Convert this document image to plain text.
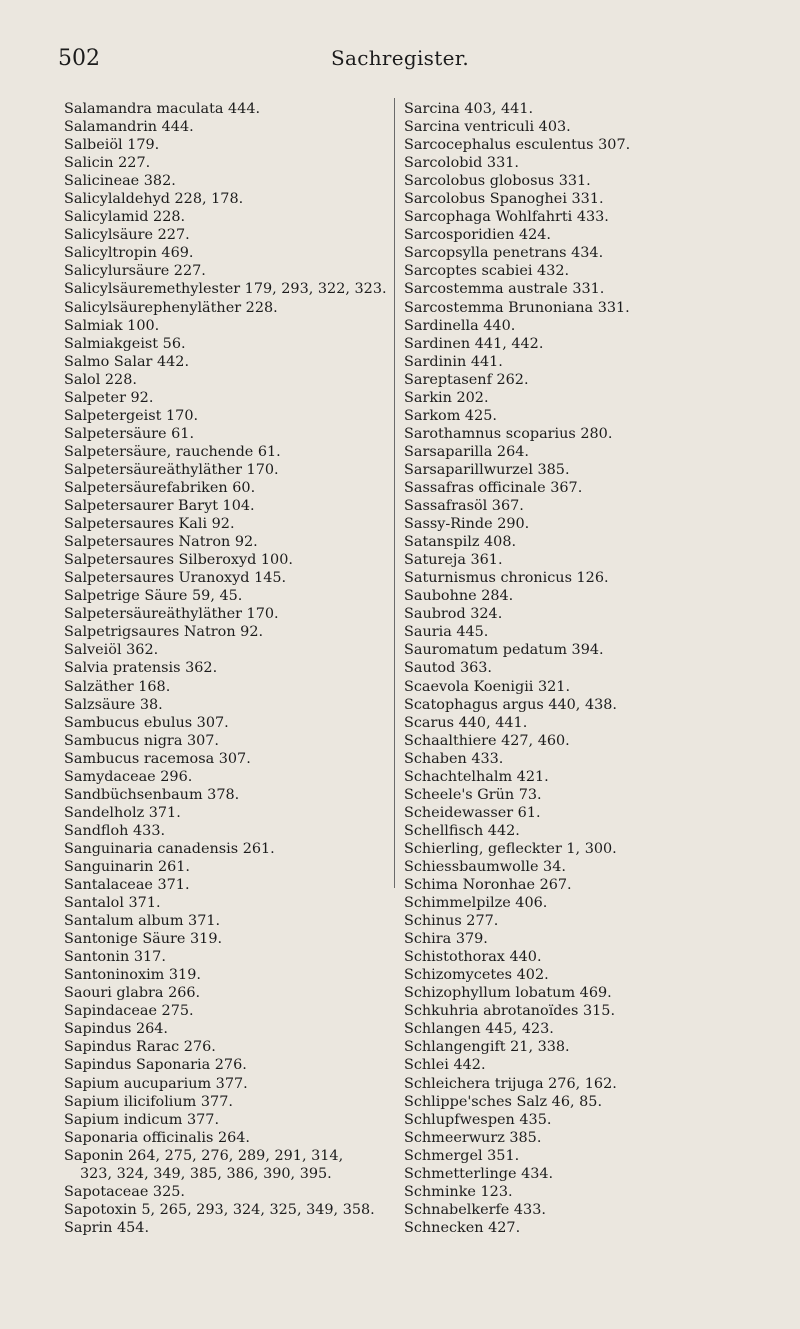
502	Sachregister.
Salamandra maculata 444.
Salamandrin 444.
Salbeiöl 179.
Salicin 227.
Salicineae 382.
Salicylaldehyd 228, 178.
Salicylamid 228.
Salicylsäure 227.
Salicyltropin 469.
Salicylursäure 227.
Salicylsäuremethylester 179, 293, 322, 323.
Salicylsäurephenyläther 228.
Salmiak 100.
Salmiakgeist 56.
Salmo Salar 442.
Salol 228.
Salpeter 92.
Salpetergeist 170.
Salpetersäure 61.
Salpetersäure, rauchende 61.
Salpetersäureäthyläther 170.
Salpetersäurefabriken 60.
Salpetersaurer Baryt 104.
Salpetersaures Kali 92.
Salpetersaures Natron 92.
Salpetersaures Silberoxyd 100.
Salpetersaures Uranoxyd 145.
Salpetrige Säure 59, 45.
Salpetersäureäthyläther 170.
Salpetrigsaures Natron 92.
Salveiöl 362.
Salvia pratensis 362.
Salzäther 168.
Salzsäure 38.
Sambucus ebulus 307.
Sambucus nigra 307.
Sambucus racemosa 307.
Samydaceae 296.
Sandbüchsenbaum 378.
Sandelholz 371.
Sandfloh 433.
Sanguinaria canadensis 261.
Sanguinarin 261.
Santalaceae 371.
Santalol 371.
Santalum album 371.
Santonige Säure 319.
Santonin 317.
Santoninoxim 319.
Saouri glabra 266.
Sapindaceae 275.
Sapindus 264.
Sapindus Rarac 276.
Sapindus Saponaria 276.
Sapium aucuparium 377.
Sapium ilicifolium 377.
Sapium indicum 377.
Saponaria officinalis 264.
Saponin 264, 275, 276, 289, 291, 314,
323, 324, 349, 385, 386, 390, 395.
Sapotaceae 325.
Sapotoxin 5, 265, 293, 324, 325, 349, 358.
Saprin 454.
Sarcina 403, 441.
Sarcina ventriculi 403.
Sarcocephalus esculentus 307.
Sarcolobid 331.
Sarcolobus globosus 331.
Sarcolobus Spanoghei 331.
Sarcophaga Wohlfahrti 433.
Sarcosporidien 424.
Sarcopsylla penetrans 434.
Sarcoptes scabiei 432.
Sarcostemma australe 331.
Sarcostemma Brunoniana 331.
Sardinella 440.
Sardinen 441, 442.
Sardinin 441.
Sareptasenf 262.
Sarkin 202.
Sarkom 425.
Sarothamnus scoparius 280.
Sarsaparilla 264.
Sarsaparillwurzel 385.
Sassafras officinale 367.
Sassafrasöl 367.
Sassy-Rinde 290.
Satanspilz 408.
Satureja 361.
Saturnismus chronicus 126.
Saubohne 284.
Saubrod 324.
Sauria 445.
Sauromatum pedatum 394.
Sautod 363.
Scaevola Koenigii 321.
Scatophagus argus 440, 438.
Scarus 440, 441.
Schaalthiere 427, 460.
Schaben 433.
Schachtelhalm 421.
Scheele's Grün 73.
Scheidewasser 61.
Schellfisch 442.
Schierling, gefleckter 1, 300.
Schiessbaumwolle 34.
Schima Noronhae 267.
Schimmelpilze 406.
Schinus 277.
Schira 379.
Schistothorax 440.
Schizomycetes 402.
Schizophyllum lobatum 469.
Schkuhria abrotanoïdes 315.
Schlangen 445, 423.
Schlangengift 21, 338.
Schlei 442.
Schleichera trijuga 276, 162.
Schlippe'sches Salz 46, 85.
Schlupfwespen 435.
Schmeerwurz 385.
Schmergel 351.
Schmetterlinge 434.
Schminke 123.
Schnabelkerfe 433.
Schnecken 427.
